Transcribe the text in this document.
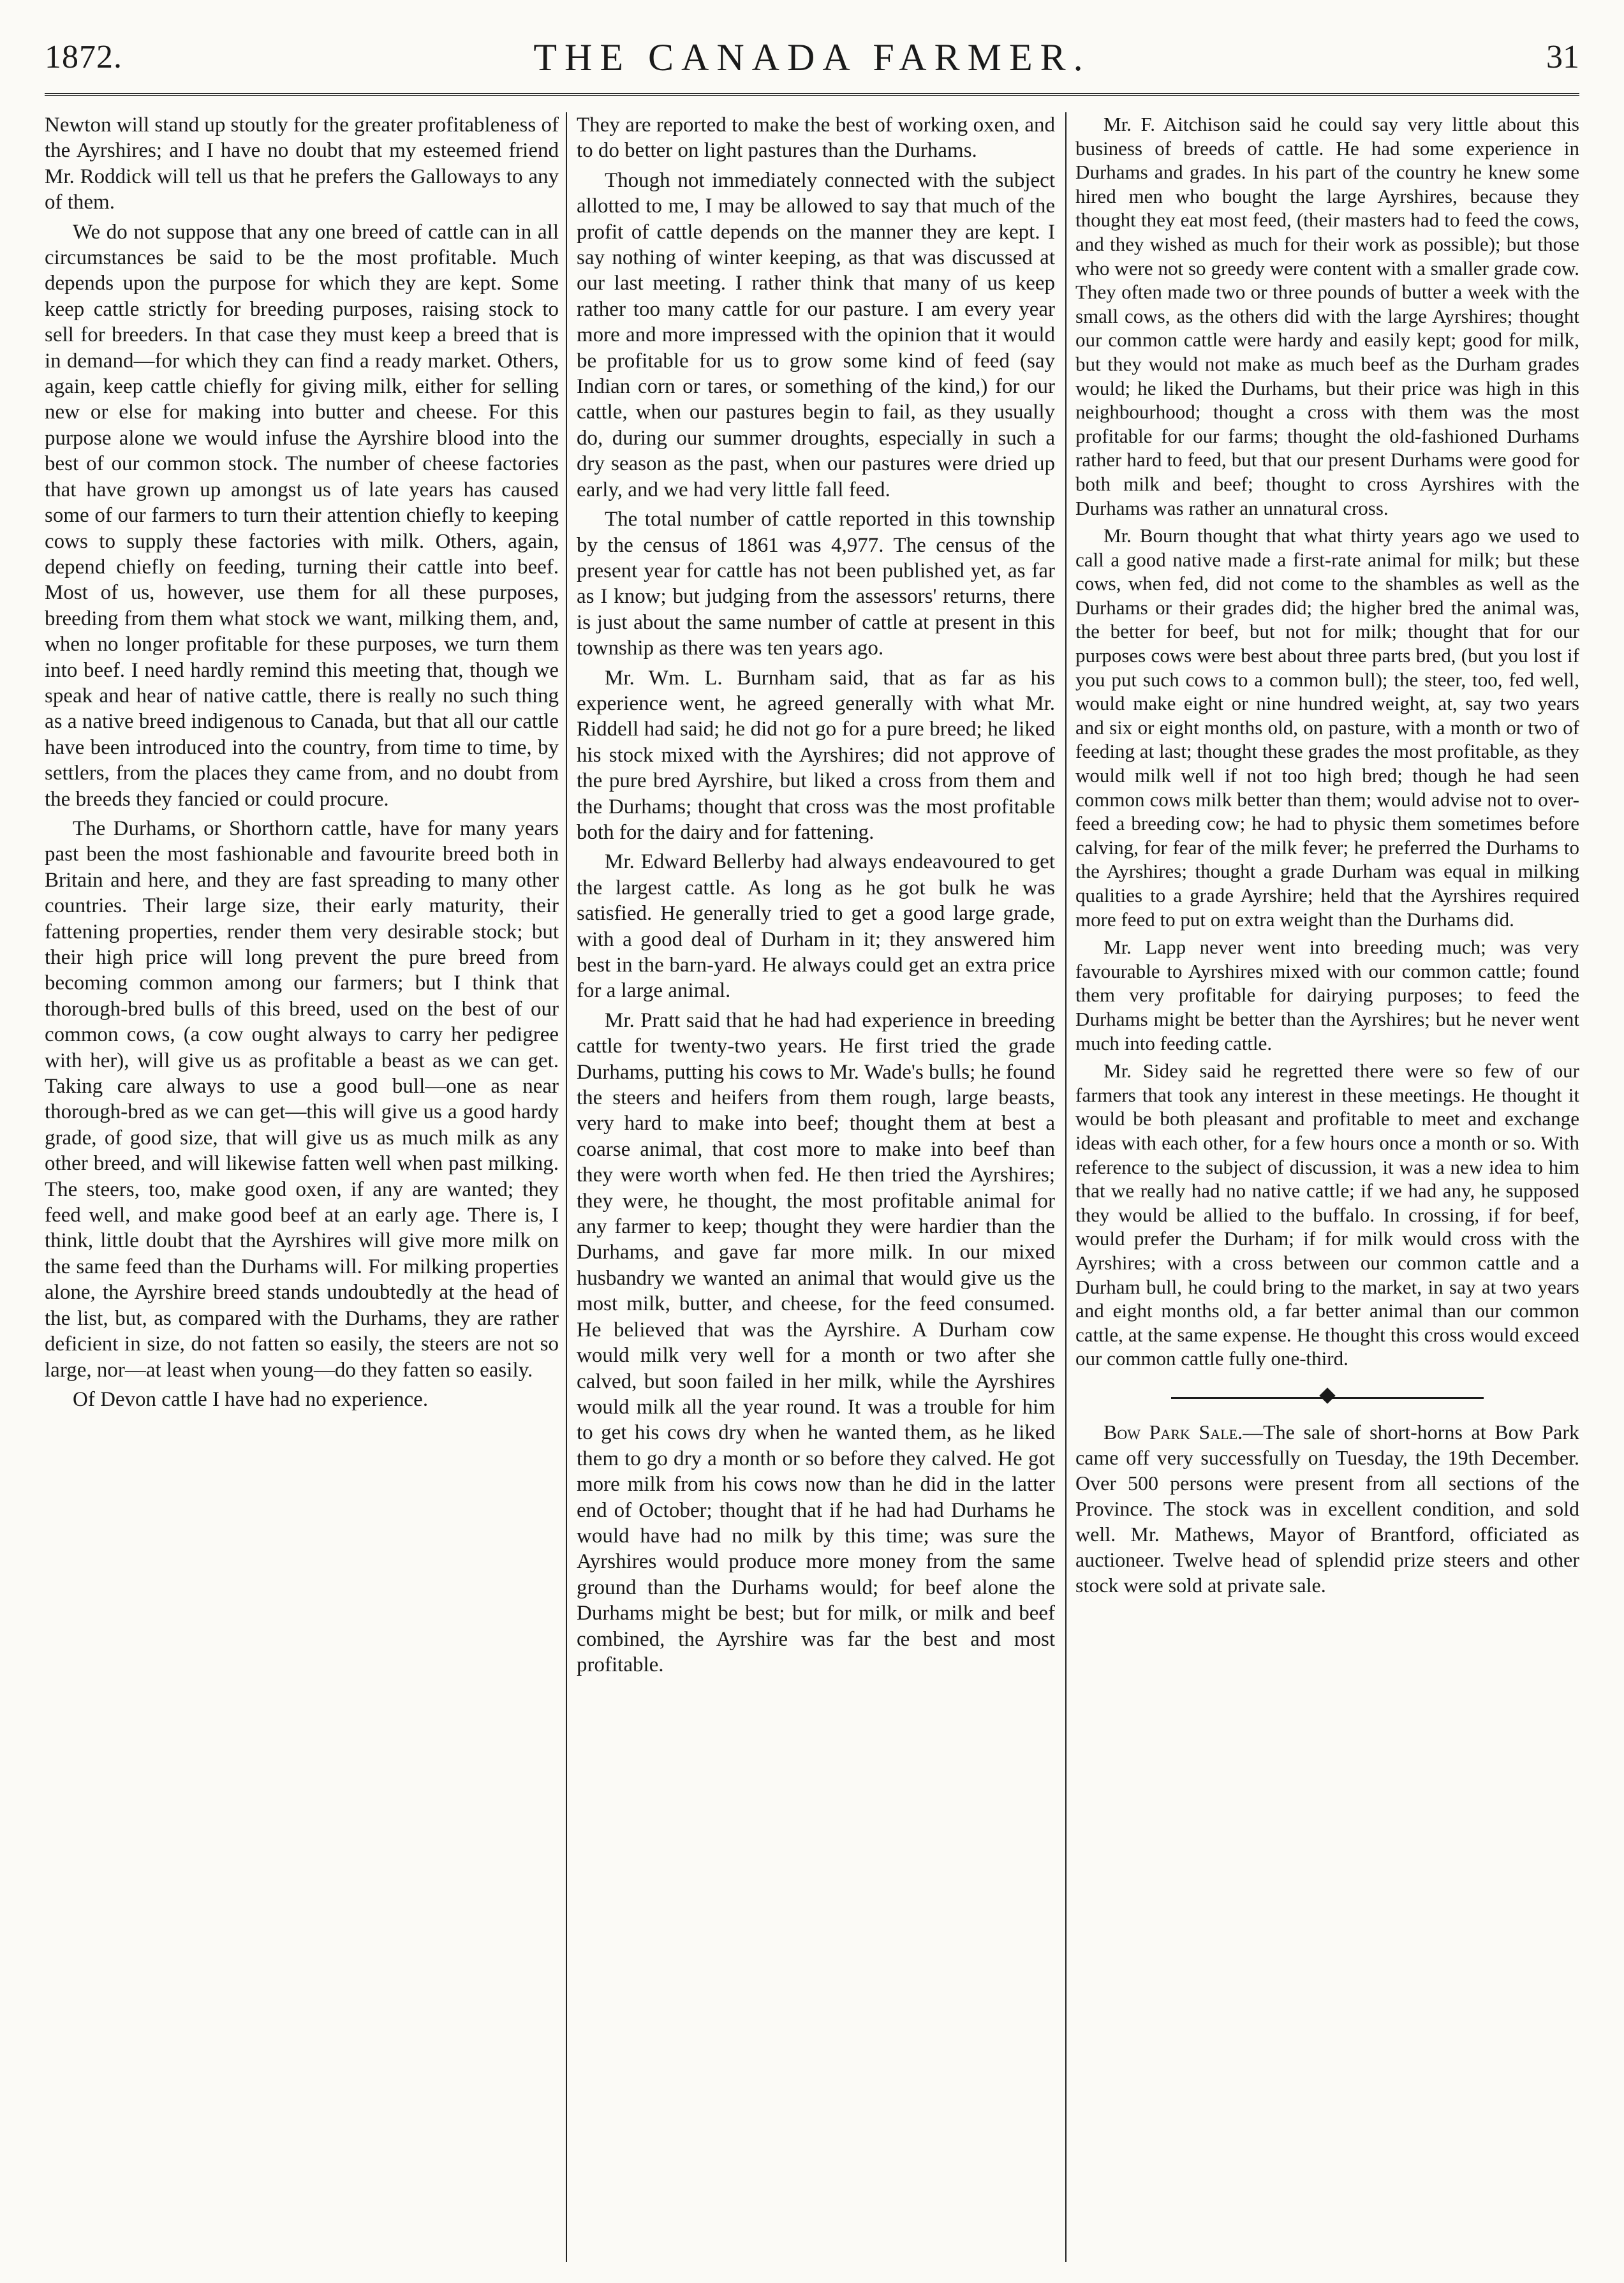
1872.	THE CANADA FARMER.	31

Newton will stand up stoutly for the greater profitableness of the Ayrshires; and I have no doubt that my esteemed friend Mr. Roddick will tell us that he prefers the Galloways to any of them.

We do not suppose that any one breed of cattle can in all circumstances be said to be the most profitable. Much depends upon the purpose for which they are kept. Some keep cattle strictly for breeding purposes, raising stock to sell for breeders. In that case they must keep a breed that is in demand—for which they can find a ready market. Others, again, keep cattle chiefly for giving milk, either for selling new or else for making into butter and cheese. For this purpose alone we would infuse the Ayrshire blood into the best of our common stock. The number of cheese factories that have grown up amongst us of late years has caused some of our farmers to turn their attention chiefly to keeping cows to supply these factories with milk. Others, again, depend chiefly on feeding, turning their cattle into beef. Most of us, however, use them for all these purposes, breeding from them what stock we want, milking them, and, when no longer profitable for these purposes, we turn them into beef. I need hardly remind this meeting that, though we speak and hear of native cattle, there is really no such thing as a native breed indigenous to Canada, but that all our cattle have been introduced into the country, from time to time, by settlers, from the places they came from, and no doubt from the breeds they fancied or could procure.

The Durhams, or Shorthorn cattle, have for many years past been the most fashionable and favourite breed both in Britain and here, and they are fast spreading to many other countries. Their large size, their early maturity, their fattening properties, render them very desirable stock; but their high price will long prevent the pure breed from becoming common among our farmers; but I think that thorough-bred bulls of this breed, used on the best of our common cows, (a cow ought always to carry her pedigree with her), will give us as profitable a beast as we can get. Taking care always to use a good bull—one as near thorough-bred as we can get—this will give us a good hardy grade, of good size, that will give us as much milk as any other breed, and will likewise fatten well when past milking. The steers, too, make good oxen, if any are wanted; they feed well, and make good beef at an early age. There is, I think, little doubt that the Ayrshires will give more milk on the same feed than the Durhams will. For milking properties alone, the Ayrshire breed stands undoubtedly at the head of the list, but, as compared with the Durhams, they are rather deficient in size, do not fatten so easily, the steers are not so large, nor—at least when young—do they fatten so easily.

Of Devon cattle I have had no experience.

They are reported to make the best of working oxen, and to do better on light pastures than the Durhams.

Though not immediately connected with the subject allotted to me, I may be allowed to say that much of the profit of cattle depends on the manner they are kept. I say nothing of winter keeping, as that was discussed at our last meeting. I rather think that many of us keep rather too many cattle for our pasture. I am every year more and more impressed with the opinion that it would be profitable for us to grow some kind of feed (say Indian corn or tares, or something of the kind,) for our cattle, when our pastures begin to fail, as they usually do, during our summer droughts, especially in such a dry season as the past, when our pastures were dried up early, and we had very little fall feed.

The total number of cattle reported in this township by the census of 1861 was 4,977. The census of the present year for cattle has not been published yet, as far as I know; but judging from the assessors' returns, there is just about the same number of cattle at present in this township as there was ten years ago.

Mr. Wm. L. Burnham said, that as far as his experience went, he agreed generally with what Mr. Riddell had said; he did not go for a pure breed; he liked his stock mixed with the Ayrshires; did not approve of the pure bred Ayrshire, but liked a cross from them and the Durhams; thought that cross was the most profitable both for the dairy and for fattening.

Mr. Edward Bellerby had always endeavoured to get the largest cattle. As long as he got bulk he was satisfied. He generally tried to get a good large grade, with a good deal of Durham in it; they answered him best in the barn-yard. He always could get an extra price for a large animal.

Mr. Pratt said that he had had experience in breeding cattle for twenty-two years. He first tried the grade Durhams, putting his cows to Mr. Wade's bulls; he found the steers and heifers from them rough, large beasts, very hard to make into beef; thought them at best a coarse animal, that cost more to make into beef than they were worth when fed. He then tried the Ayrshires; they were, he thought, the most profitable animal for any farmer to keep; thought they were hardier than the Durhams, and gave far more milk. In our mixed husbandry we wanted an animal that would give us the most milk, butter, and cheese, for the feed consumed. He believed that was the Ayrshire. A Durham cow would milk very well for a month or two after she calved, but soon failed in her milk, while the Ayrshires would milk all the year round. It was a trouble for him to get his cows dry when he wanted them, as he liked them to go dry a month or so before they calved. He got more milk from his cows now than he did in the latter end of October; thought that if he had had Durhams he would have had no milk by this time; was sure the Ayrshires would produce more money from the same ground than the Durhams would; for beef alone the Durhams might be best; but for milk, or milk and beef combined, the Ayrshire was far the best and most profitable.

Mr. F. Aitchison said he could say very little about this business of breeds of cattle. He had some experience in Durhams and grades. In his part of the country he knew some hired men who bought the large Ayrshires, because they thought they eat most feed, (their masters had to feed the cows, and they wished as much for their work as possible); but those who were not so greedy were content with a smaller grade cow. They often made two or three pounds of butter a week with the small cows, as the others did with the large Ayrshires; thought our common cattle were hardy and easily kept; good for milk, but they would not make as much beef as the Durham grades would; he liked the Durhams, but their price was high in this neighbourhood; thought a cross with them was the most profitable for our farms; thought the old-fashioned Durhams rather hard to feed, but that our present Durhams were good for both milk and beef; thought to cross Ayrshires with the Durhams was rather an unnatural cross.

Mr. Bourn thought that what thirty years ago we used to call a good native made a first-rate animal for milk; but these cows, when fed, did not come to the shambles as well as the Durhams or their grades did; the higher bred the animal was, the better for beef, but not for milk; thought that for our purposes cows were best about three parts bred, (but you lost if you put such cows to a common bull); the steer, too, fed well, would make eight or nine hundred weight, at, say two years and six or eight months old, on pasture, with a month or two of feeding at last; thought these grades the most profitable, as they would milk well if not too high bred; though he had seen common cows milk better than them; would advise not to over-feed a breeding cow; he had to physic them sometimes before calving, for fear of the milk fever; he preferred the Durhams to the Ayrshires; thought a grade Durham was equal in milking qualities to a grade Ayrshire; held that the Ayrshires required more feed to put on extra weight than the Durhams did.

Mr. Lapp never went into breeding much; was very favourable to Ayrshires mixed with our common cattle; found them very profitable for dairying purposes; to feed the Durhams might be better than the Ayrshires; but he never went much into feeding cattle.

Mr. Sidey said he regretted there were so few of our farmers that took any interest in these meetings. He thought it would be both pleasant and profitable to meet and exchange ideas with each other, for a few hours once a month or so. With reference to the subject of discussion, it was a new idea to him that we really had no native cattle; if we had any, he supposed they would be allied to the buffalo. In crossing, if for beef, would prefer the Durham; if for milk would cross with the Ayrshires; with a cross between our common cattle and a Durham bull, he could bring to the market, in say at two years and eight months old, a far better animal than our common cattle, at the same expense. He thought this cross would exceed our common cattle fully one-third.

Bow Park Sale.—The sale of short-horns at Bow Park came off very successfully on Tuesday, the 19th December. Over 500 persons were present from all sections of the Province. The stock was in excellent condition, and sold well. Mr. Mathews, Mayor of Brantford, officiated as auctioneer. Twelve head of splendid prize steers and other stock were sold at private sale.
